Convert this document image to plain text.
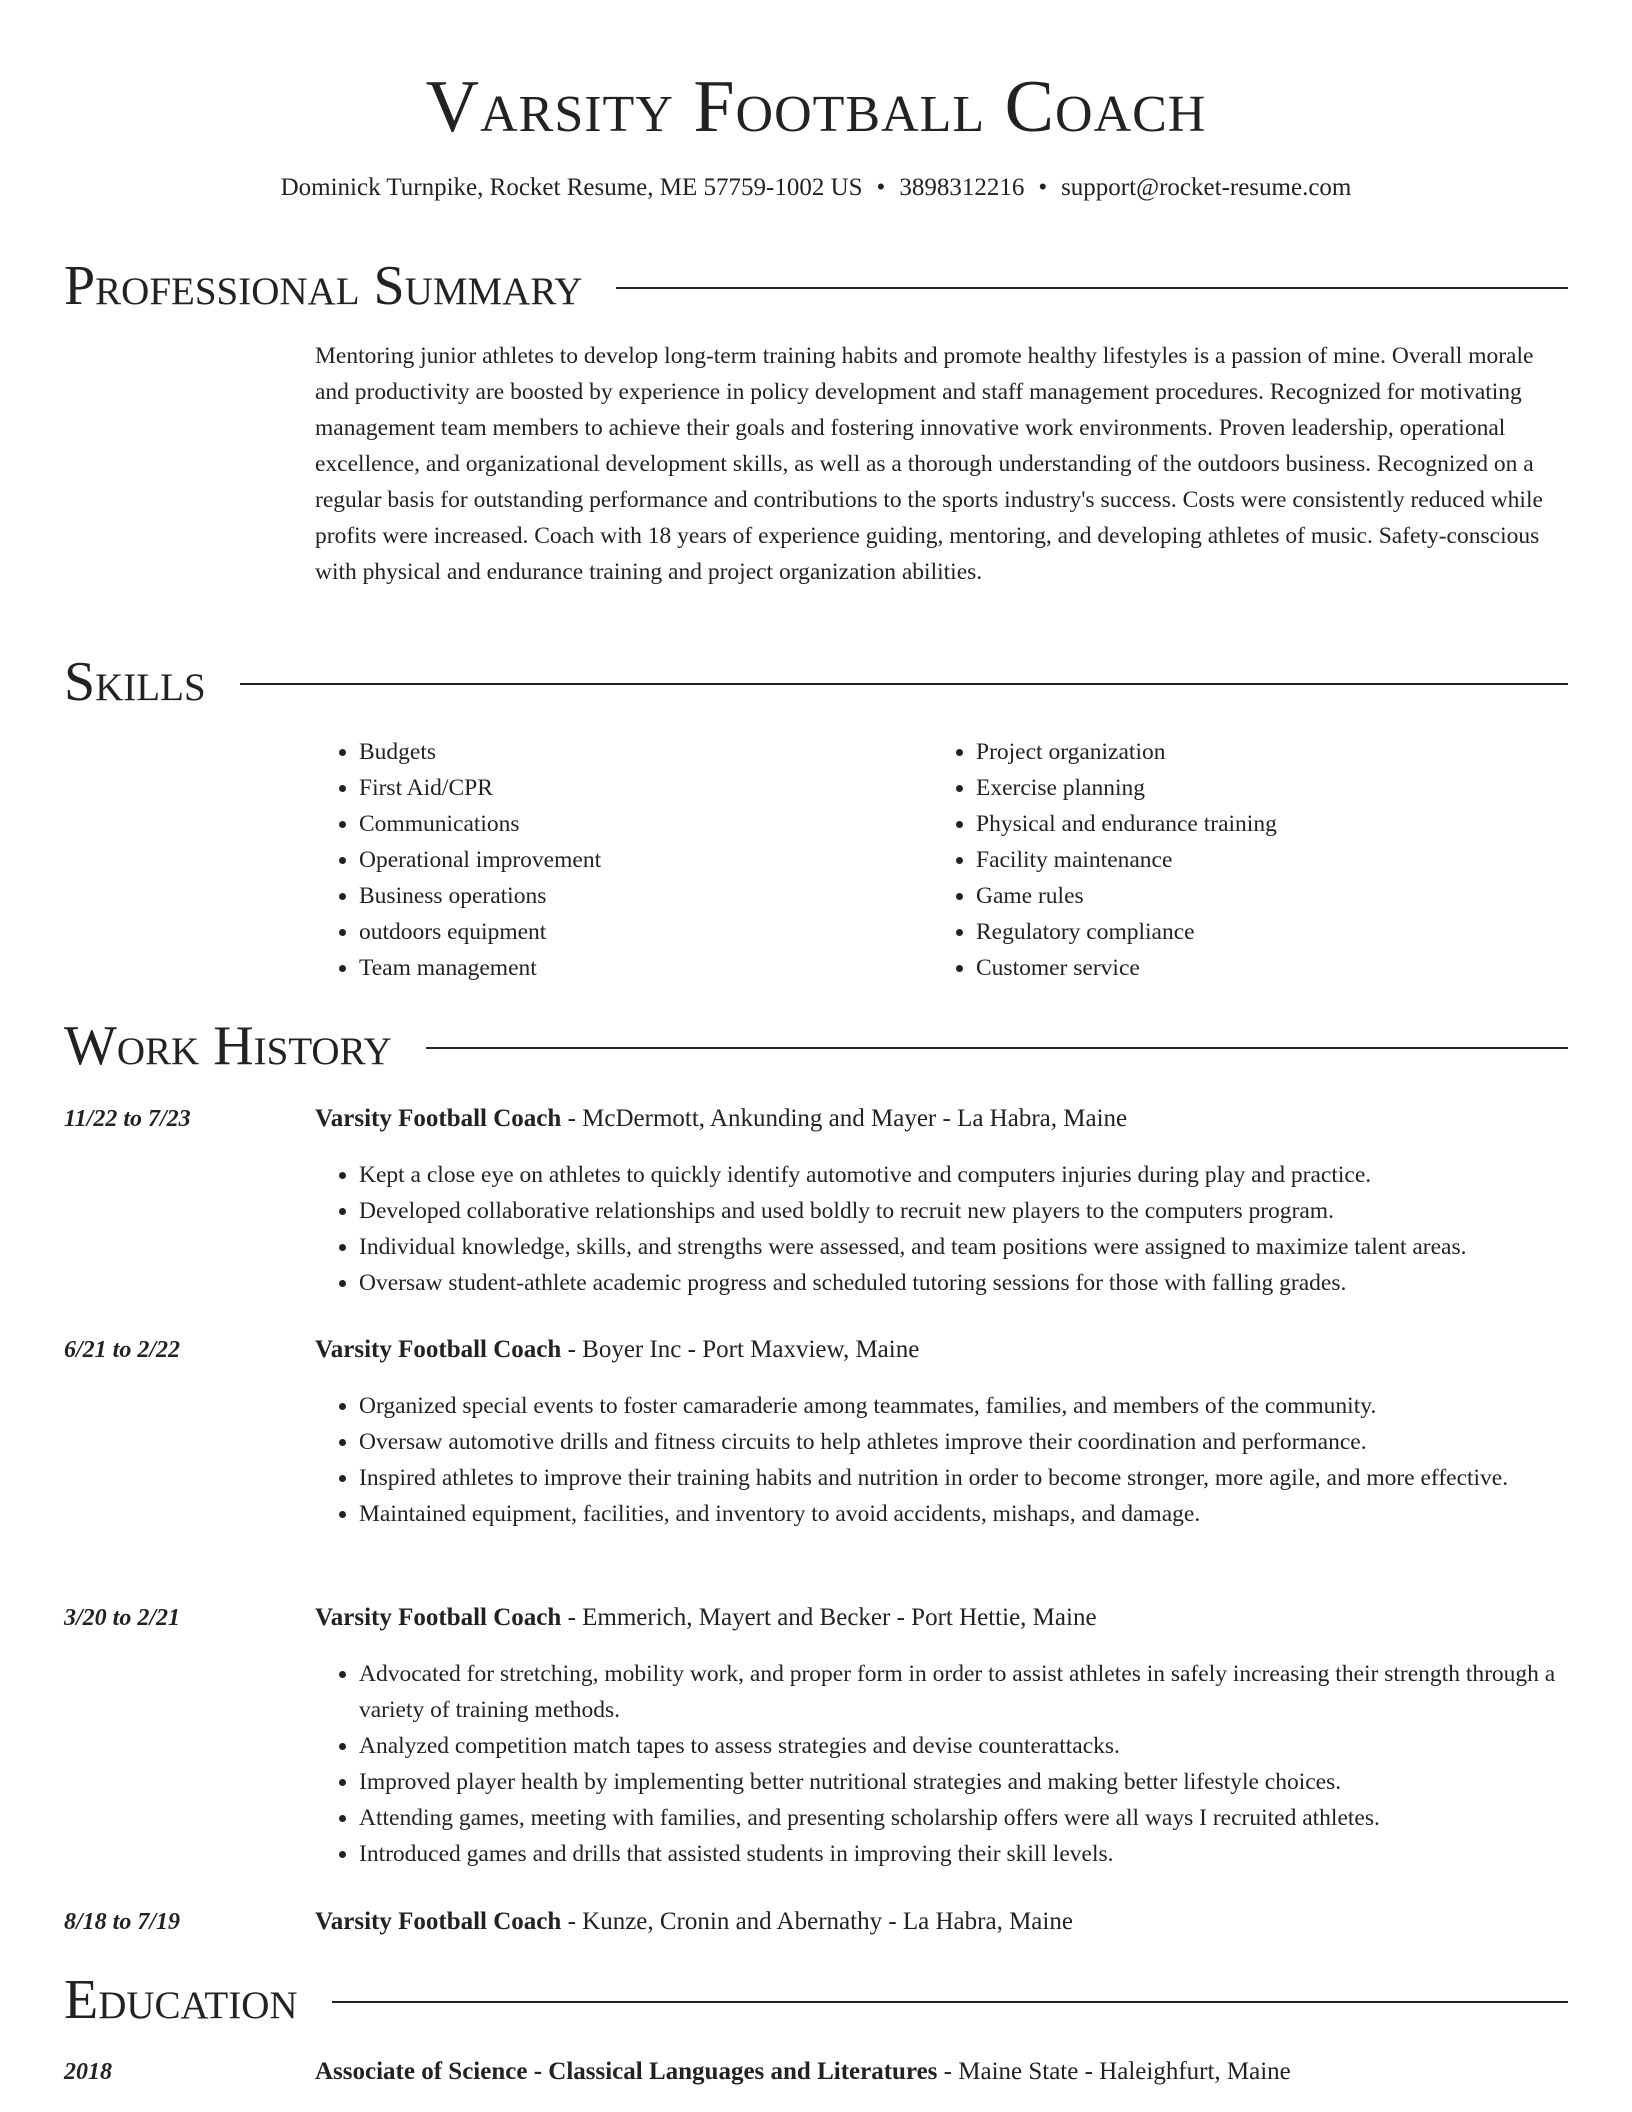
Varsity Football Coach
Dominick Turnpike, Rocket Resume, ME 57759-1002 US • 3898312216 • support@rocket-resume.com
Professional Summary

Mentoring junior athletes to develop long-term training habits and promote healthy lifestyles is a passion of mine. Overall morale and productivity are boosted by experience in policy development and staff management procedures. Recognized for motivating management team members to achieve their goals and fostering innovative work environments. Proven leadership, operational excellence, and organizational development skills, as well as a thorough understanding of the outdoors business. Recognized on a regular basis for outstanding performance and contributions to the sports industry's success. Costs were consistently reduced while profits were increased. Coach with 18 years of experience guiding, mentoring, and developing athletes of music. Safety-conscious with physical and endurance training and project organization abilities.

Skills
• Budgets
• First Aid/CPR
• Communications
• Operational improvement
• Business operations
• outdoors equipment
• Team management
• Project organization
• Exercise planning
• Physical and endurance training
• Facility maintenance
• Game rules
• Regulatory compliance
• Customer service
Work History
11/22 to 7/23	Varsity Football Coach - McDermott, Ankunding and Mayer - La Habra, Maine
• Kept a close eye on athletes to quickly identify automotive and computers injuries during play and practice.
• Developed collaborative relationships and used boldly to recruit new players to the computers program.
• Individual knowledge, skills, and strengths were assessed, and team positions were assigned to maximize talent areas.
• Oversaw student-athlete academic progress and scheduled tutoring sessions for those with falling grades.
6/21 to 2/22	Varsity Football Coach - Boyer Inc - Port Maxview, Maine
• Organized special events to foster camaraderie among teammates, families, and members of the community.
• Oversaw automotive drills and fitness circuits to help athletes improve their coordination and performance.
• Inspired athletes to improve their training habits and nutrition in order to become stronger, more agile, and more effective.
• Maintained equipment, facilities, and inventory to avoid accidents, mishaps, and damage.
3/20 to 2/21	Varsity Football Coach - Emmerich, Mayert and Becker - Port Hettie, Maine
• Advocated for stretching, mobility work, and proper form in order to assist athletes in safely increasing their strength through a variety of training methods.
• Analyzed competition match tapes to assess strategies and devise counterattacks.
• Improved player health by implementing better nutritional strategies and making better lifestyle choices.
• Attending games, meeting with families, and presenting scholarship offers were all ways I recruited athletes.
• Introduced games and drills that assisted students in improving their skill levels.
8/18 to 7/19	Varsity Football Coach - Kunze, Cronin and Abernathy - La Habra, Maine
Education
2018	Associate of Science - Classical Languages and Literatures - Maine State - Haleighfurt, Maine
